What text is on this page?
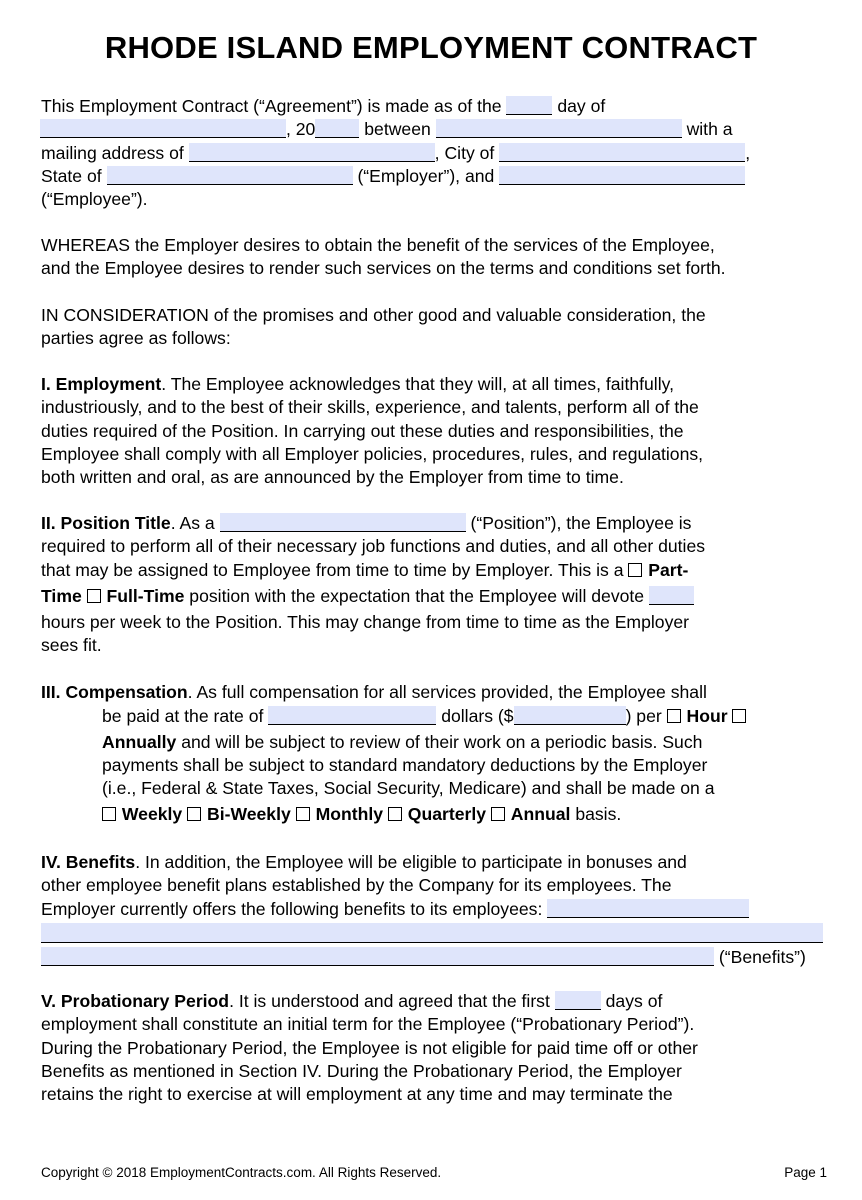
RHODE ISLAND EMPLOYMENT CONTRACT
This Employment Contract (“Agreement”) is made as of the	day of
, 20	between	with a
mailing address of	, City of	,
State of	(“Employer”), and
(“Employee”).
WHEREAS the Employer desires to obtain the benefit of the services of the Employee,
and the Employee desires to render such services on the terms and conditions set forth.
IN CONSIDERATION of the promises and other good and valuable consideration, the
parties agree as follows:
I. Employment. The Employee acknowledges that they will, at all times, faithfully,
industriously, and to the best of their skills, experience, and talents, perform all of the
duties required of the Position. In carrying out these duties and responsibilities, the
Employee shall comply with all Employer policies, procedures, rules, and regulations,
both written and oral, as are announced by the Employer from time to time.
II. Position Title. As a	(“Position”), the Employee is
required to perform all of their necessary job functions and duties, and all other duties
that may be assigned to Employee from time to time by Employer. This is a Part-
Time Full-Time position with the expectation that the Employee will devote
hours per week to the Position. This may change from time to time as the Employer
sees fit.
III. Compensation. As full compensation for all services provided, the Employee shall
be paid at the rate of	dollars ($	) per Hour
Annually and will be subject to review of their work on a periodic basis. Such
payments shall be subject to standard mandatory deductions by the Employer
(i.e., Federal & State Taxes, Social Security, Medicare) and shall be made on a
Weekly Bi-Weekly Monthly Quarterly Annual basis.
IV. Benefits. In addition, the Employee will be eligible to participate in bonuses and
other employee benefit plans established by the Company for its employees. The
Employer currently offers the following benefits to its employees:
(“Benefits”)
V. Probationary Period. It is understood and agreed that the first	days of
employment shall constitute an initial term for the Employee (“Probationary Period”).
During the Probationary Period, the Employee is not eligible for paid time off or other
Benefits as mentioned in Section IV. During the Probationary Period, the Employer
retains the right to exercise at will employment at any time and may terminate the
Copyright © 2018 EmploymentContracts.com. All Rights Reserved.	Page 1
